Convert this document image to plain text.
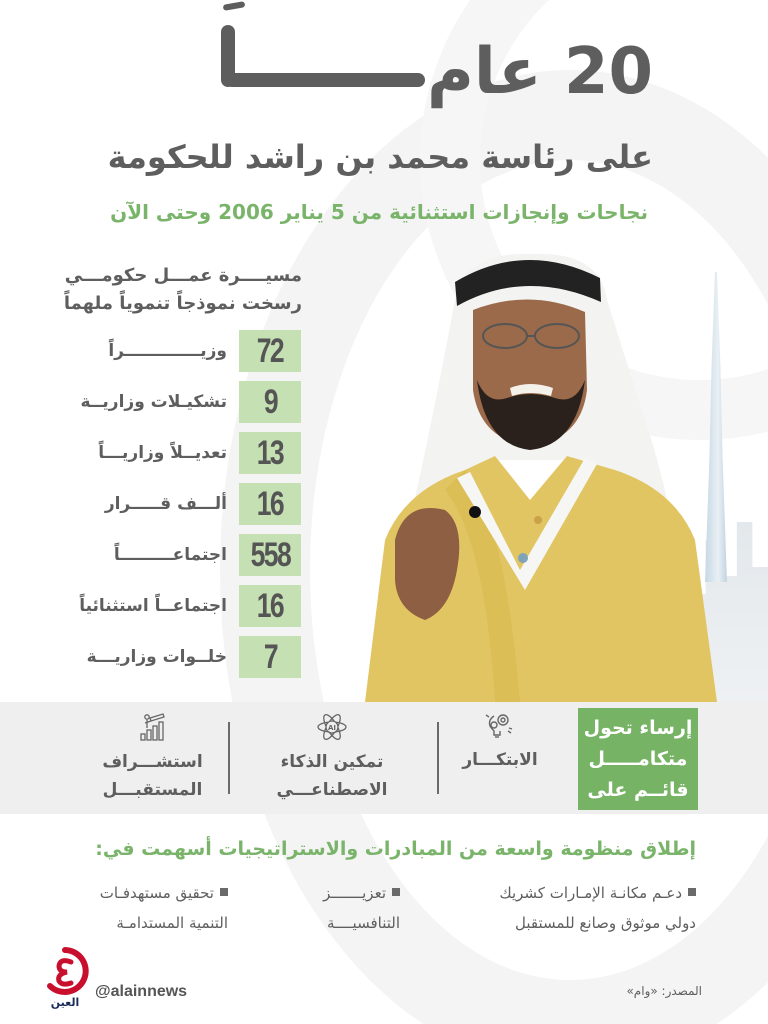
20 عام
على رئاسة محمد بن راشد للحكومة
نجاحات وإنجازات استثنائية من 5 يناير 2006 وحتى الآن
مسيــــرة عمـــل حكومـــي
رسخت نموذجاً تنموياً ملهماً
72
وزيـــــــــــــراً
9
تشكيـلات وزاريــة
13
تعديــلاً وزاريـــاً
16
ألـــف قـــــرار
558
اجتماعـــــــــاً
16
اجتماعــاً استثنائياً
7
خلــوات وزاريـــة
إرساء تحول
متكامـــــل
قائــم على
الابتكـــار
AI
تمكين الذكاء
الاصطناعـــي
استشـــراف
المستقبـــل
إطلاق منظومة واسعة من المبادرات والاستراتيجيات أسهمت في:
دعـم مكانـة الإمـارات كشريك
دولي موثوق وصانع للمستقبل
تعزيـــــــز
التنافسيــــة
تحقيق مستهدفـات
التنمية المستدامـة
العين
@alainnews	المصدر: «وام»
